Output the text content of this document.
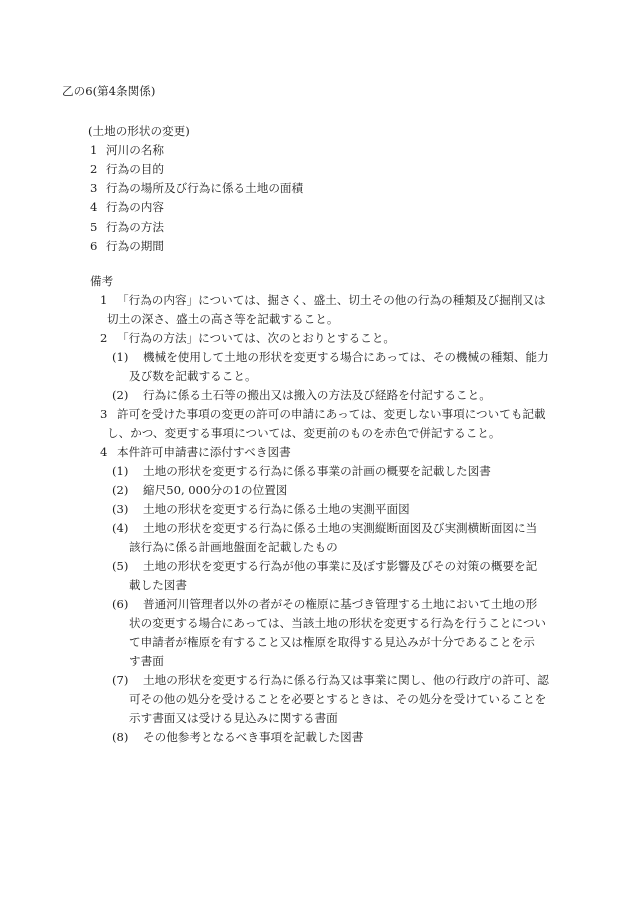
乙の6(第4条関係)
(土地の形状の変更)
1 河川の名称
2 行為の目的
3 行為の場所及び行為に係る土地の面積
4 行為の内容
5 行為の方法
6 行為の期間
備考
1 「行為の内容」については、掘さく、盛土、切土その他の行為の種類及び掘削又は
切土の深さ、盛土の高さ等を記載すること。
2 「行為の方法」については、次のとおりとすること。
(1) 機械を使用して土地の形状を変更する場合にあっては、その機械の種類、能力
及び数を記載すること。
(2) 行為に係る土石等の搬出又は搬入の方法及び経路を付記すること。
3 許可を受けた事項の変更の許可の申請にあっては、変更しない事項についても記載
し、かつ、変更する事項については、変更前のものを赤色で併記すること。
4 本件許可申請書に添付すべき図書
(1) 土地の形状を変更する行為に係る事業の計画の概要を記載した図書
(2) 縮尺50, 000分の1の位置図
(3) 土地の形状を変更する行為に係る土地の実測平面図
(4) 土地の形状を変更する行為に係る土地の実測縦断面図及び実測横断面図に当
該行為に係る計画地盤面を記載したもの
(5) 土地の形状を変更する行為が他の事業に及ぼす影響及びその対策の概要を記
載した図書
(6) 普通河川管理者以外の者がその権原に基づき管理する土地において土地の形
状の変更する場合にあっては、当該土地の形状を変更する行為を行うことについ
て申請者が権原を有すること又は権原を取得する見込みが十分であることを示
す書面
(7) 土地の形状を変更する行為に係る行為又は事業に関し、他の行政庁の許可、認
可その他の処分を受けることを必要とするときは、その処分を受けていることを
示す書面又は受ける見込みに関する書面
(8) その他参考となるべき事項を記載した図書
